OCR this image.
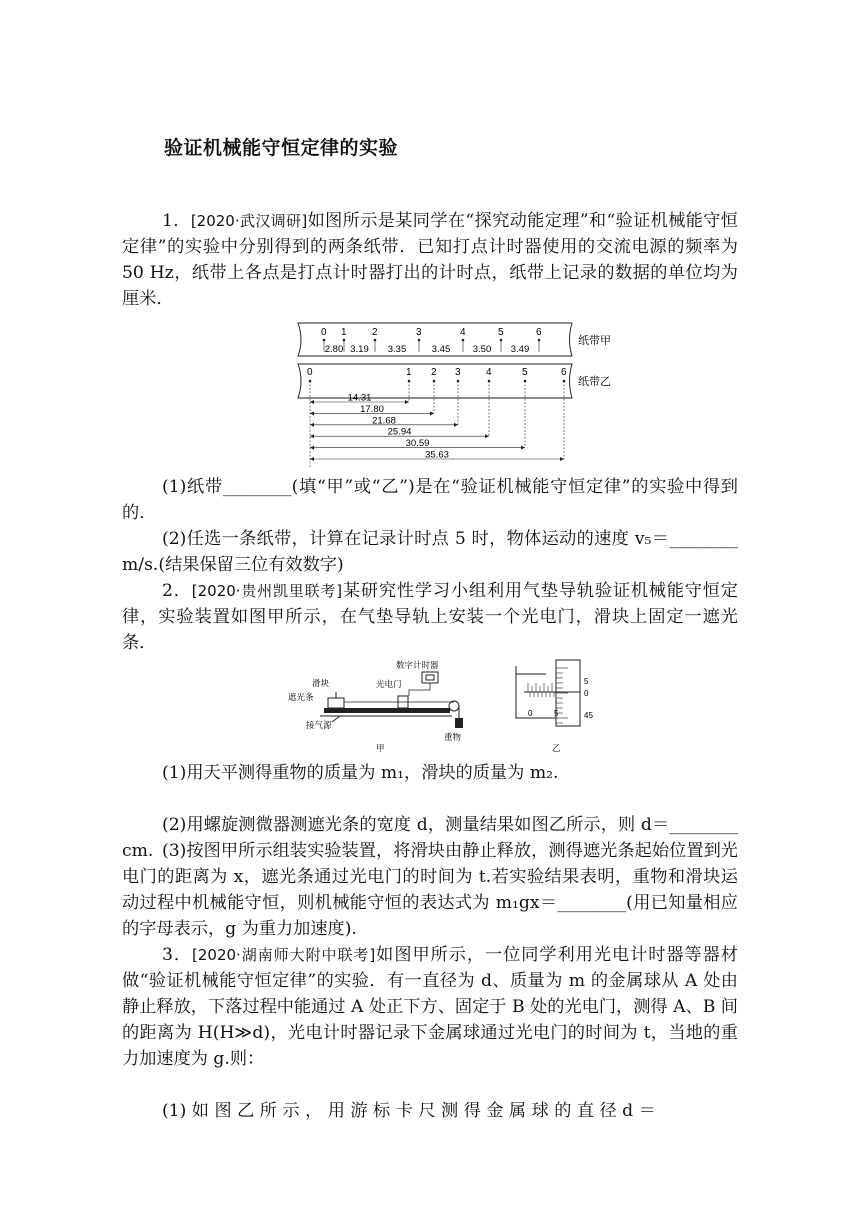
验证机械能守恒定律的实验
1．[2020·武汉调研]如图所示是某同学在“探究动能定理”和“验证机械能守恒定律”的实验中分别得到的两条纸带．已知打点计时器使用的交流电源的频率为 50 Hz，纸带上各点是打点计时器打出的计时点，纸带上记录的数据的单位均为厘米．
0 1	2	3	4	5	6
2.80 3.19 3.35	3.45 3.50 3.49
纸带甲
0	1 2 3	4	5	6
纸带乙
14.31
17.80
21.68
25.94
30.59
35.63
(1)纸带________(填“甲”或“乙”)是在“验证机械能守恒定律”的实验中得到的．
(2)任选一条纸带，计算在记录计时点 5 时，物体运动的速度 v₅＝________ m/s.(结果保留三位有效数字)
2．[2020·贵州凯里联考]某研究性学习小组利用气垫导轨验证机械能守恒定律，实验装置如图甲所示，在气垫导轨上安装一个光电门，滑块上固定一遮光条．
数字计时器
滑块	光电门
遮光条
接气源
重物
甲
5
0
45
0	5
乙
(1)用天平测得重物的质量为 m₁，滑块的质量为 m₂.
(2)用螺旋测微器测遮光条的宽度 d，测量结果如图乙所示，则 d＝________ cm. (3)按图甲所示组装实验装置，将滑块由静止释放，测得遮光条起始位置到光电门的距离为 x，遮光条通过光电门的时间为 t.若实验结果表明，重物和滑块运动过程中机械能守恒，则机械能守恒的表达式为 m₁gx＝________(用已知量相应的字母表示，g 为重力加速度).
3．[2020·湖南师大附中联考]如图甲所示，一位同学利用光电计时器等器材做“验证机械能守恒定律”的实验．有一直径为 d、质量为 m 的金属球从 A 处由静止释放，下落过程中能通过 A 处正下方、固定于 B 处的光电门，测得 A、B 间的距离为 H(H≫d)，光电计时器记录下金属球通过光电门的时间为 t，当地的重力加速度为 g.则：
(1) 如 图 乙 所 示 ， 用 游 标 卡 尺 测 得 金 属 球 的 直 径 d ＝
